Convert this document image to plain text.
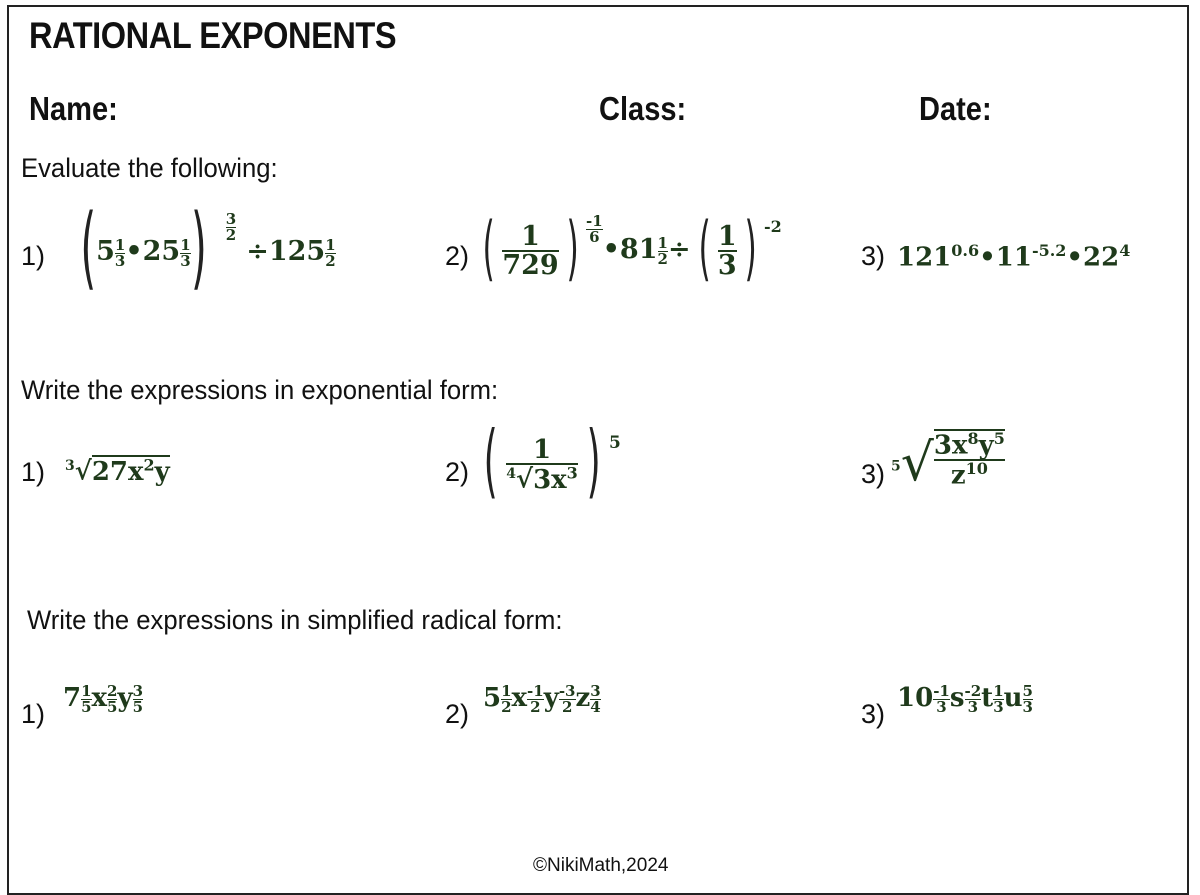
RATIONAL EXPONENTS
Name:	Class:	Date:
Evaluate the following:
1) ($5 \frac{1}{3}$ •25 $\frac{1}{3}$ ) $\frac{3}{2}$
$\div 125 \frac{1}{2}$	2) ( $\frac{1}{729}$ ) $\frac{-1}{6}$
•81 $\frac{1}{2}$ ÷ ( $\frac{1}{3}$ ) $^{-2}$
3) $121^{0.6}•11^{-5.2}•22^4$
Write the expressions in exponential form:
1) $^3√27x^2y$	2) ( $\frac{1}{^4√3x^3}$ ) $^5$
3) $^5√ \frac{3x^8y^5}{z^{10}}$
Write the expressions in simplified radical form:
1)
$7 \frac{1}{5}$ x $\frac{2}{5}$ y $\frac{3}{5}$	2)
$5 \frac{1}{2}$ x $\frac{-1}{2}$ y $\frac{-3}{2}$ z $\frac{3}{4}$	3)
$10 \frac{-1}{3}$ s $\frac{-2}{3}$ t $\frac{1}{3}$ u $\frac{5}{3}$
©NikiMath,2024
